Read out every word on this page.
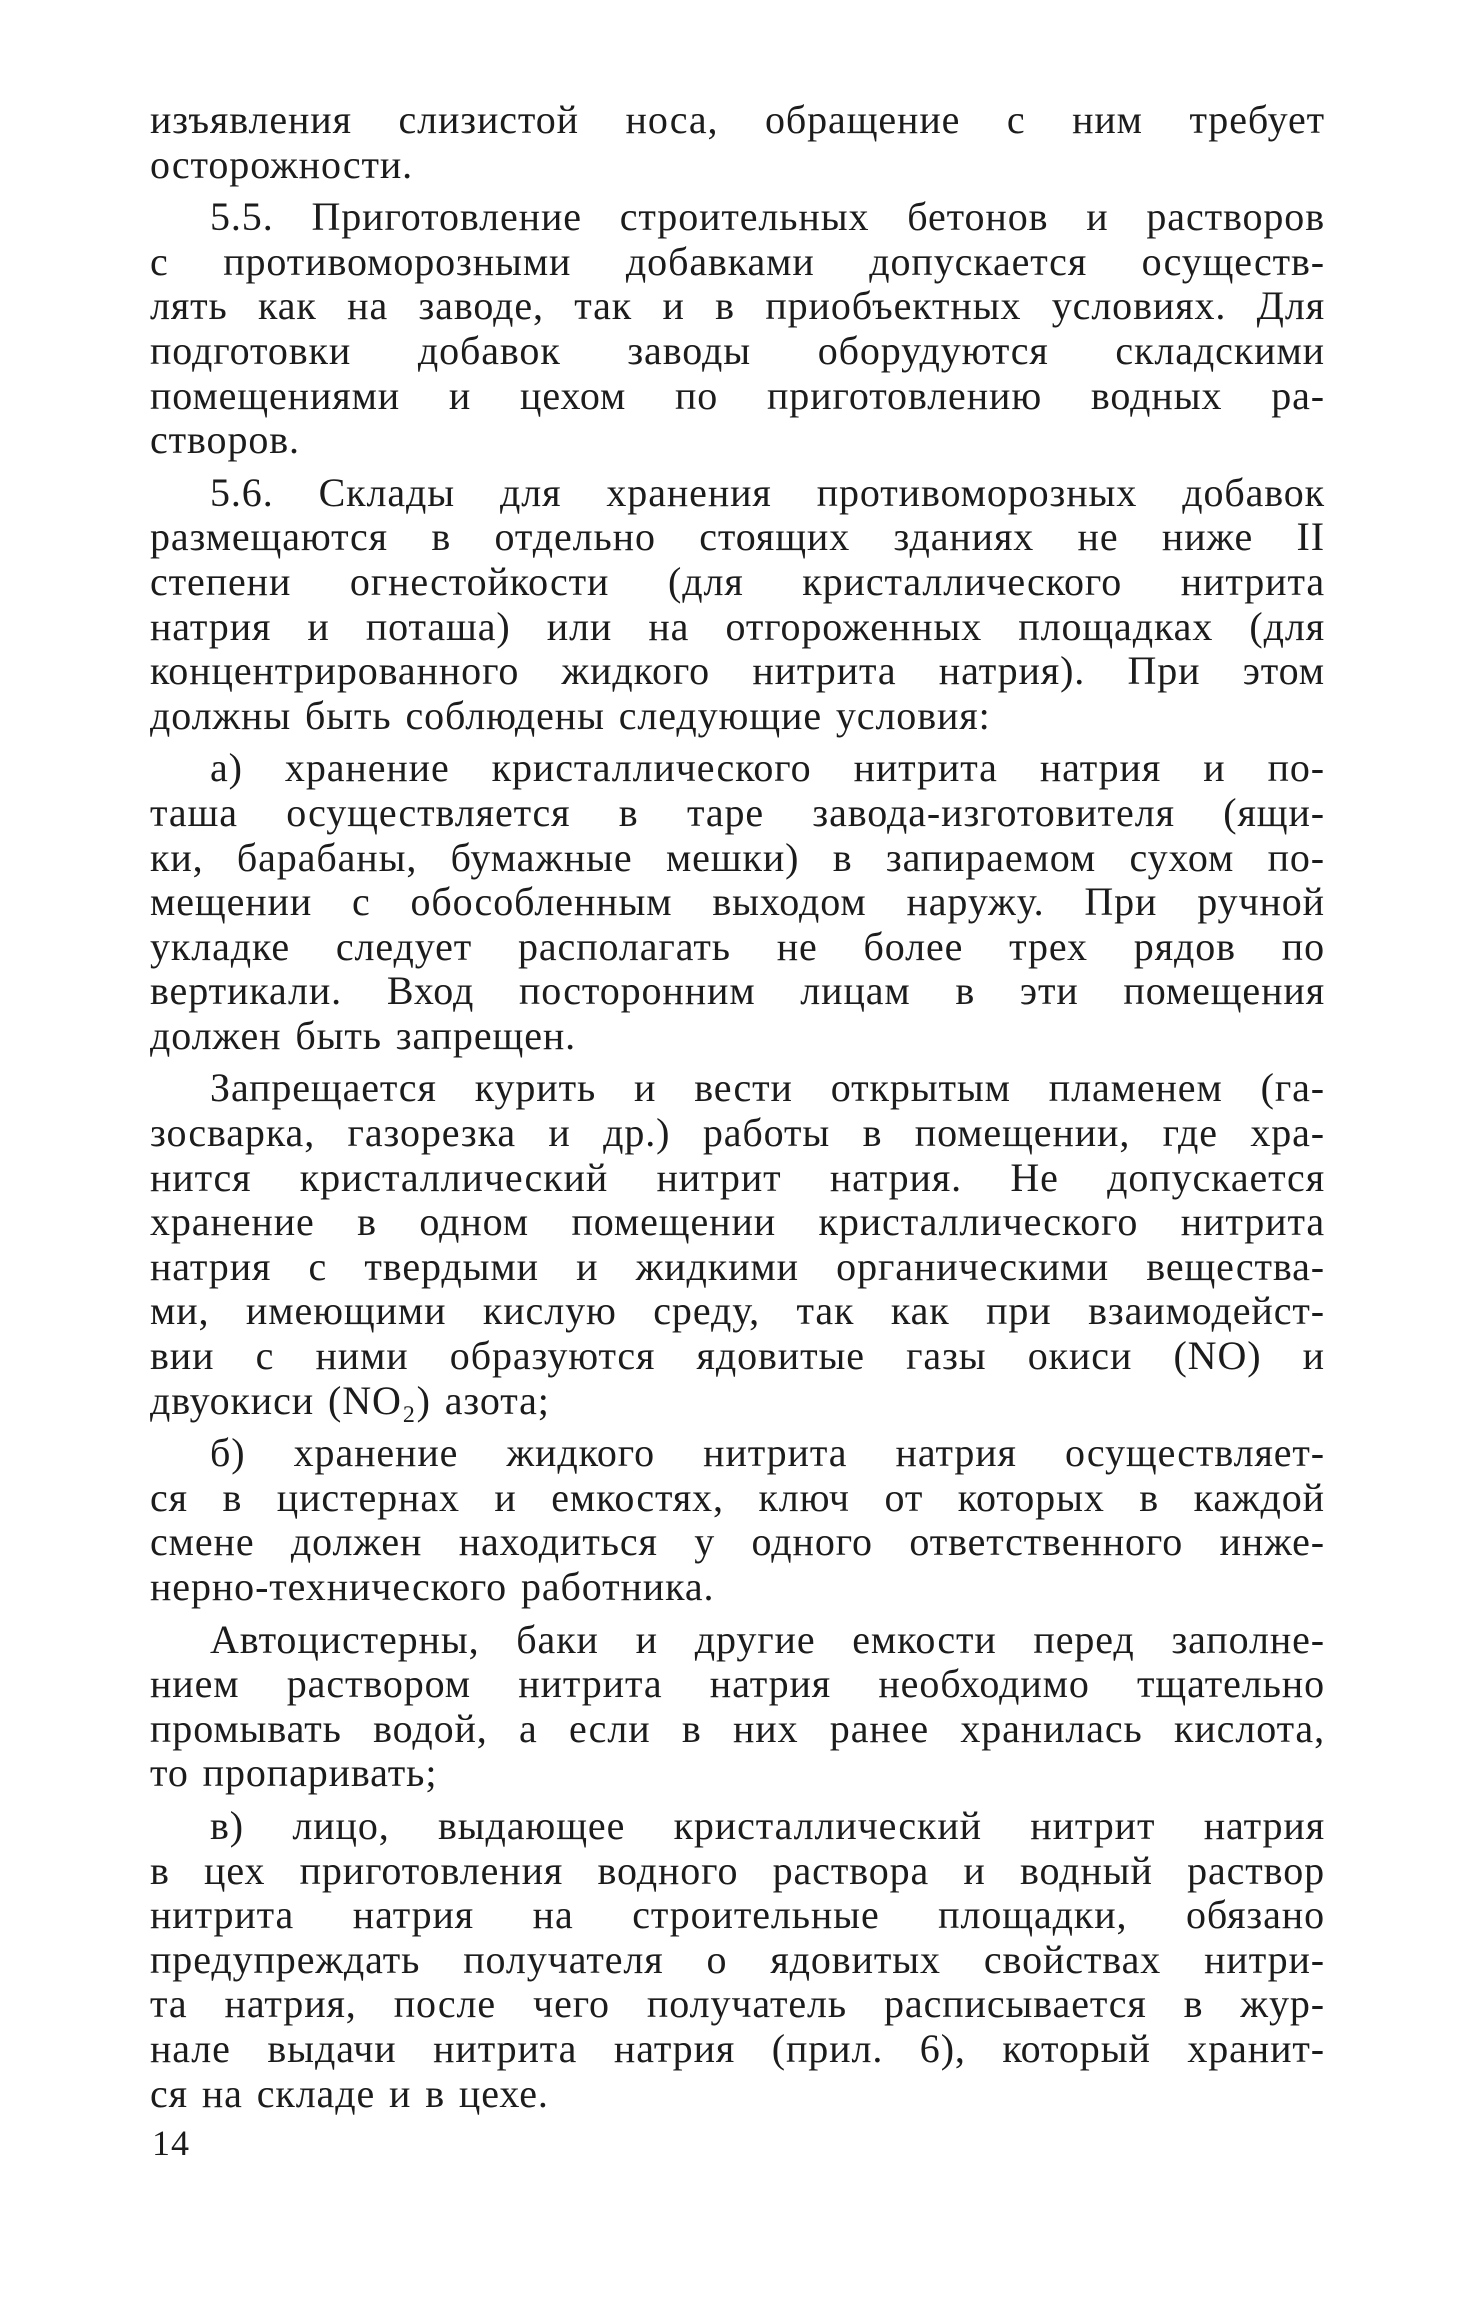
изъявления слизистой носа, обращение с ним требует
осторожности.
5.5. Приготовление строительных бетонов и растворов
с противоморозными добавками допускается осуществ-
лять как на заводе, так и в приобъектных условиях. Для
подготовки добавок заводы оборудуются складскими
помещениями и цехом по приготовлению водных ра-
створов.
5.6. Склады для хранения противоморозных добавок
размещаются в отдельно стоящих зданиях не ниже II
степени огнестойкости (для кристаллического нитрита
натрия и поташа) или на отгороженных площадках (для
концентрированного жидкого нитрита натрия). При этом
должны быть соблюдены следующие условия:
а) хранение кристаллического нитрита натрия и по-
таша осуществляется в таре завода-изготовителя (ящи-
ки, барабаны, бумажные мешки) в запираемом сухом по-
мещении с обособленным выходом наружу. При ручной
укладке следует располагать не более трех рядов по
вертикали. Вход посторонним лицам в эти помещения
должен быть запрещен.
Запрещается курить и вести открытым пламенем (га-
зосварка, газорезка и др.) работы в помещении, где хра-
нится кристаллический нитрит натрия. Не допускается
хранение в одном помещении кристаллического нитрита
натрия с твердыми и жидкими органическими вещества-
ми, имеющими кислую среду, так как при взаимодейст-
вии с ними образуются ядовитые газы окиси (NO) и
двуокиси (NO₂) азота;
б) хранение жидкого нитрита натрия осуществляет-
ся в цистернах и емкостях, ключ от которых в каждой
смене должен находиться у одного ответственного инже-
нерно-технического работника.
Автоцистерны, баки и другие емкости перед заполне-
нием раствором нитрита натрия необходимо тщательно
промывать водой, а если в них ранее хранилась кислота,
то пропаривать;
в) лицо, выдающее кристаллический нитрит натрия
в цех приготовления водного раствора и водный раствор
нитрита натрия на строительные площадки, обязано
предупреждать получателя о ядовитых свойствах нитри-
та натрия, после чего получатель расписывается в жур-
нале выдачи нитрита натрия (прил. 6), который хранит-
ся на складе и в цехе.
14
